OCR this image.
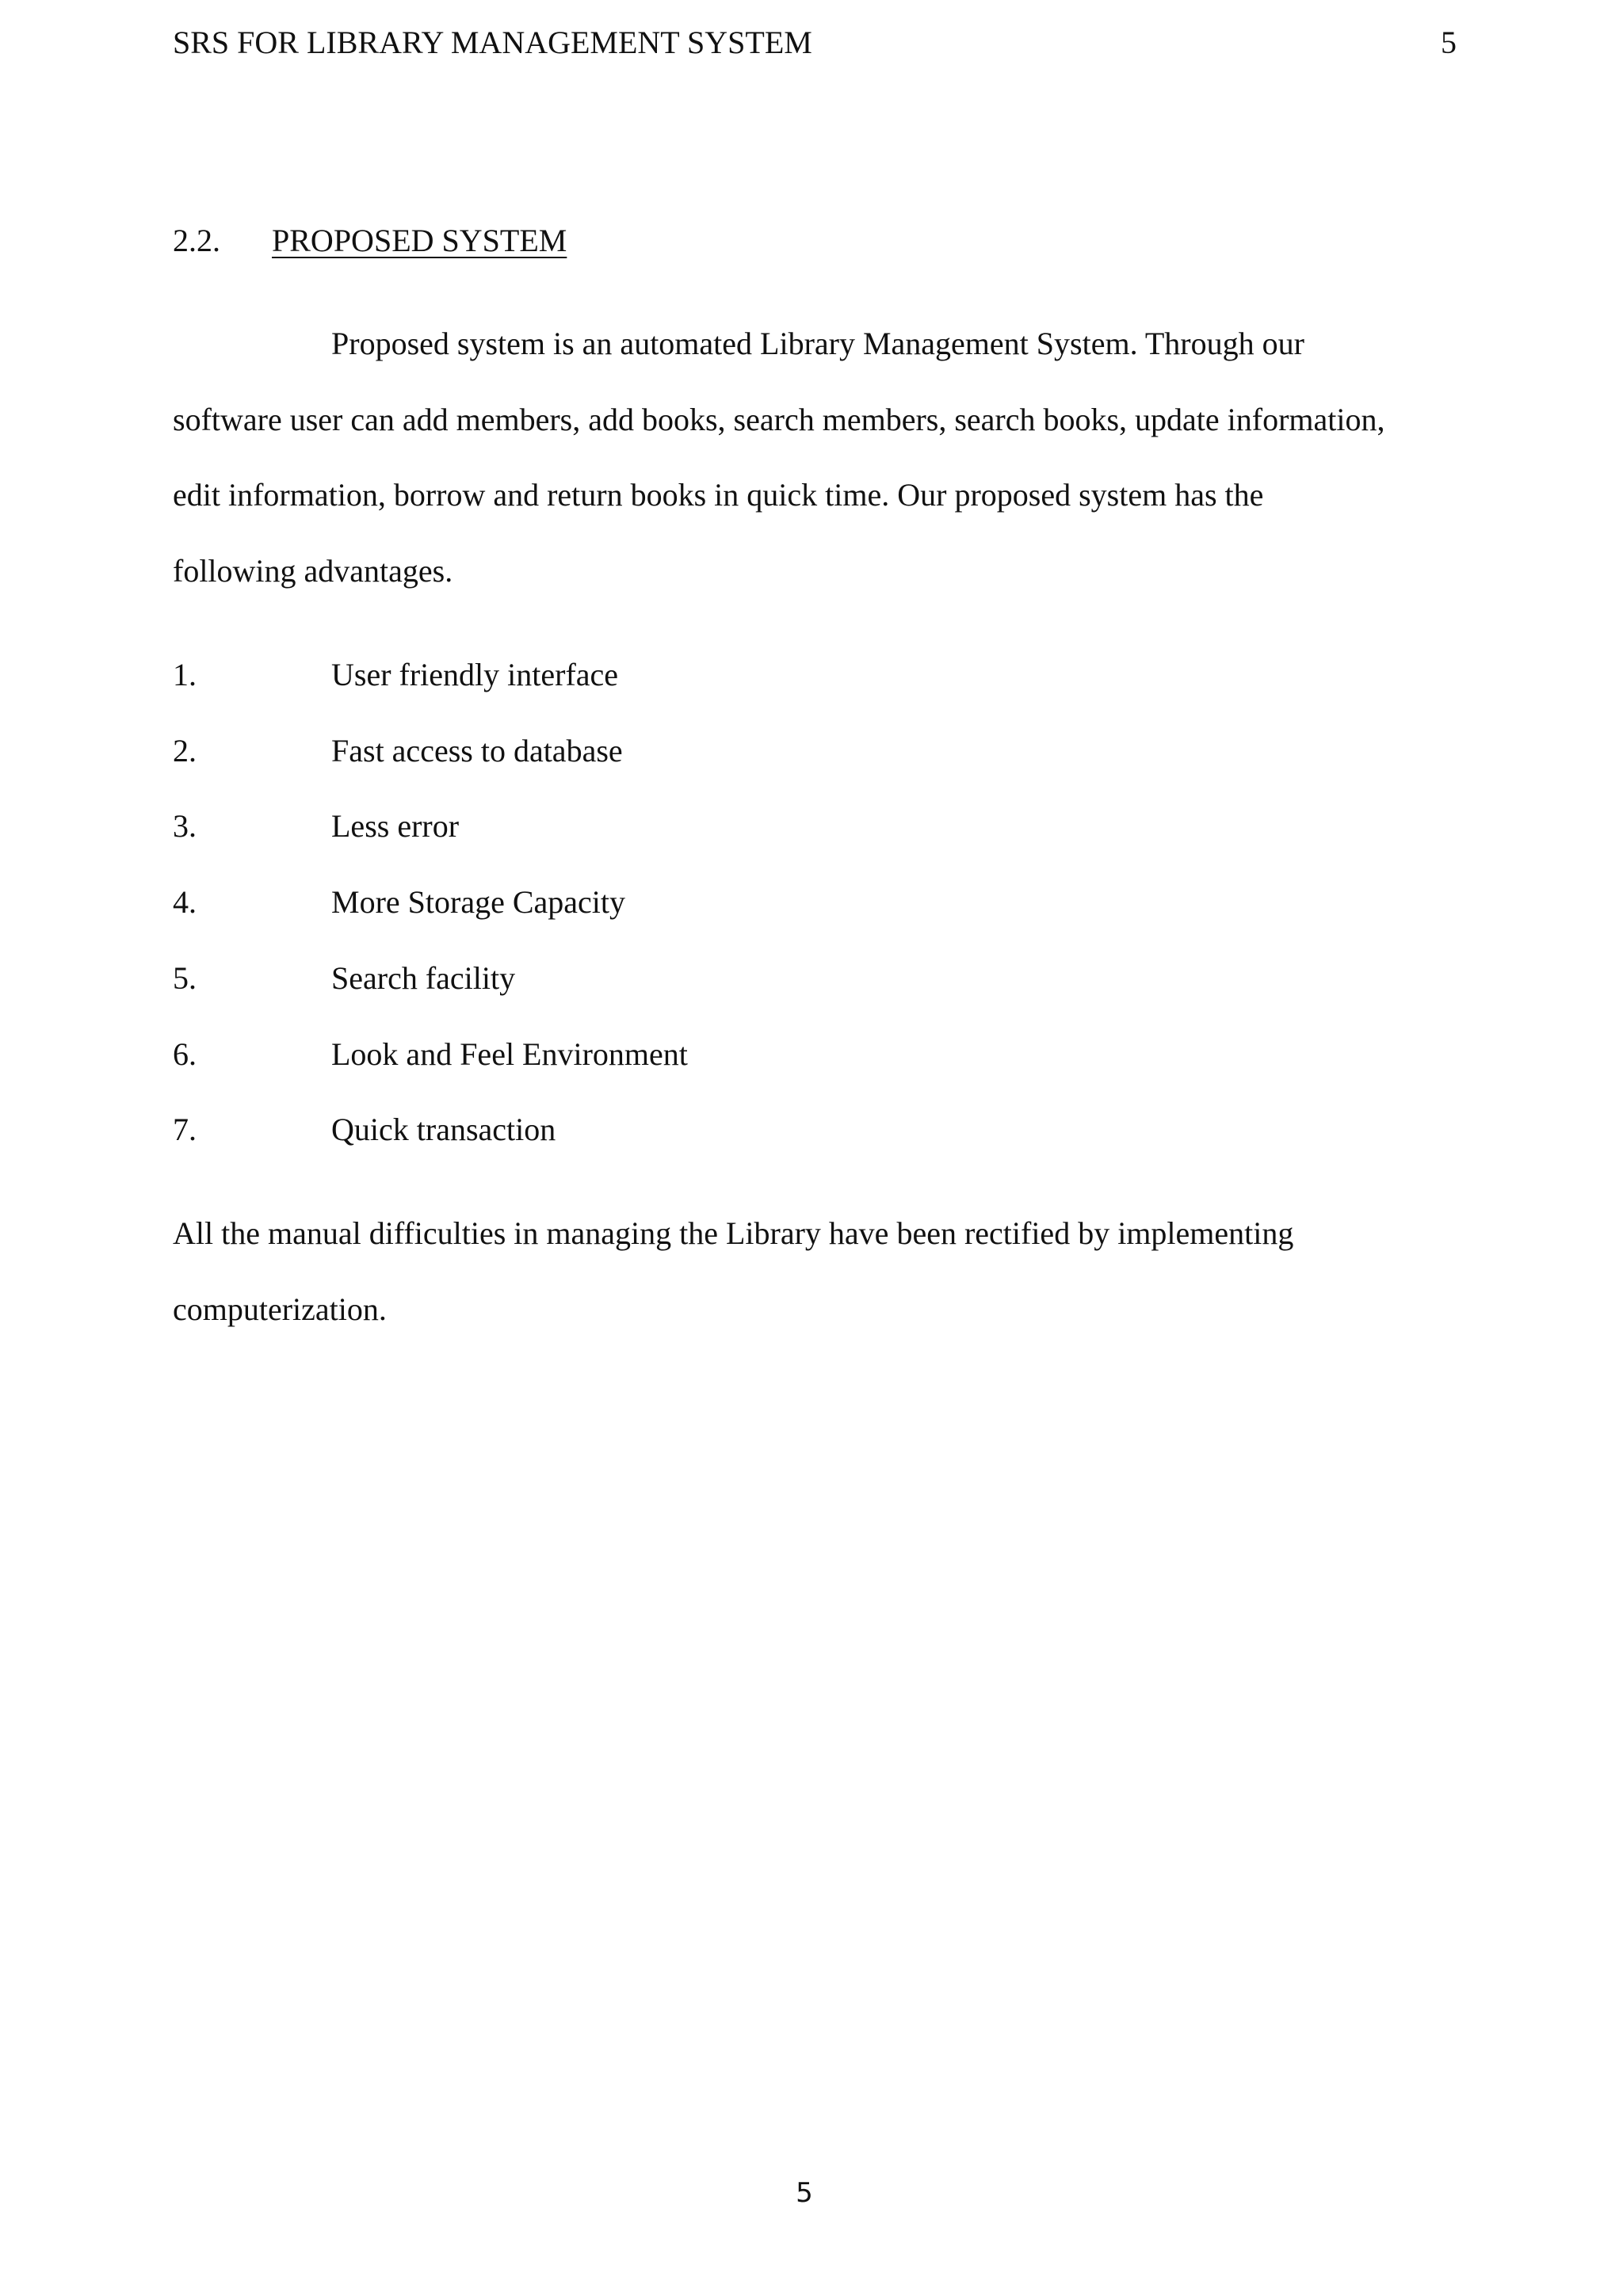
SRS FOR LIBRARY MANAGEMENT SYSTEM	5
2.2. PROPOSED SYSTEM
Proposed system is an automated Library Management System. Through our
software user can add members, add books, search members, search books, update information,
edit information, borrow and return books in quick time. Our proposed system has the
following advantages.
1.	User friendly interface
2.	Fast access to database
3.	Less error
4.	More Storage Capacity
5.	Search facility
6.	Look and Feel Environment
7.	Quick transaction
All the manual difficulties in managing the Library have been rectified by implementing
computerization.
5
